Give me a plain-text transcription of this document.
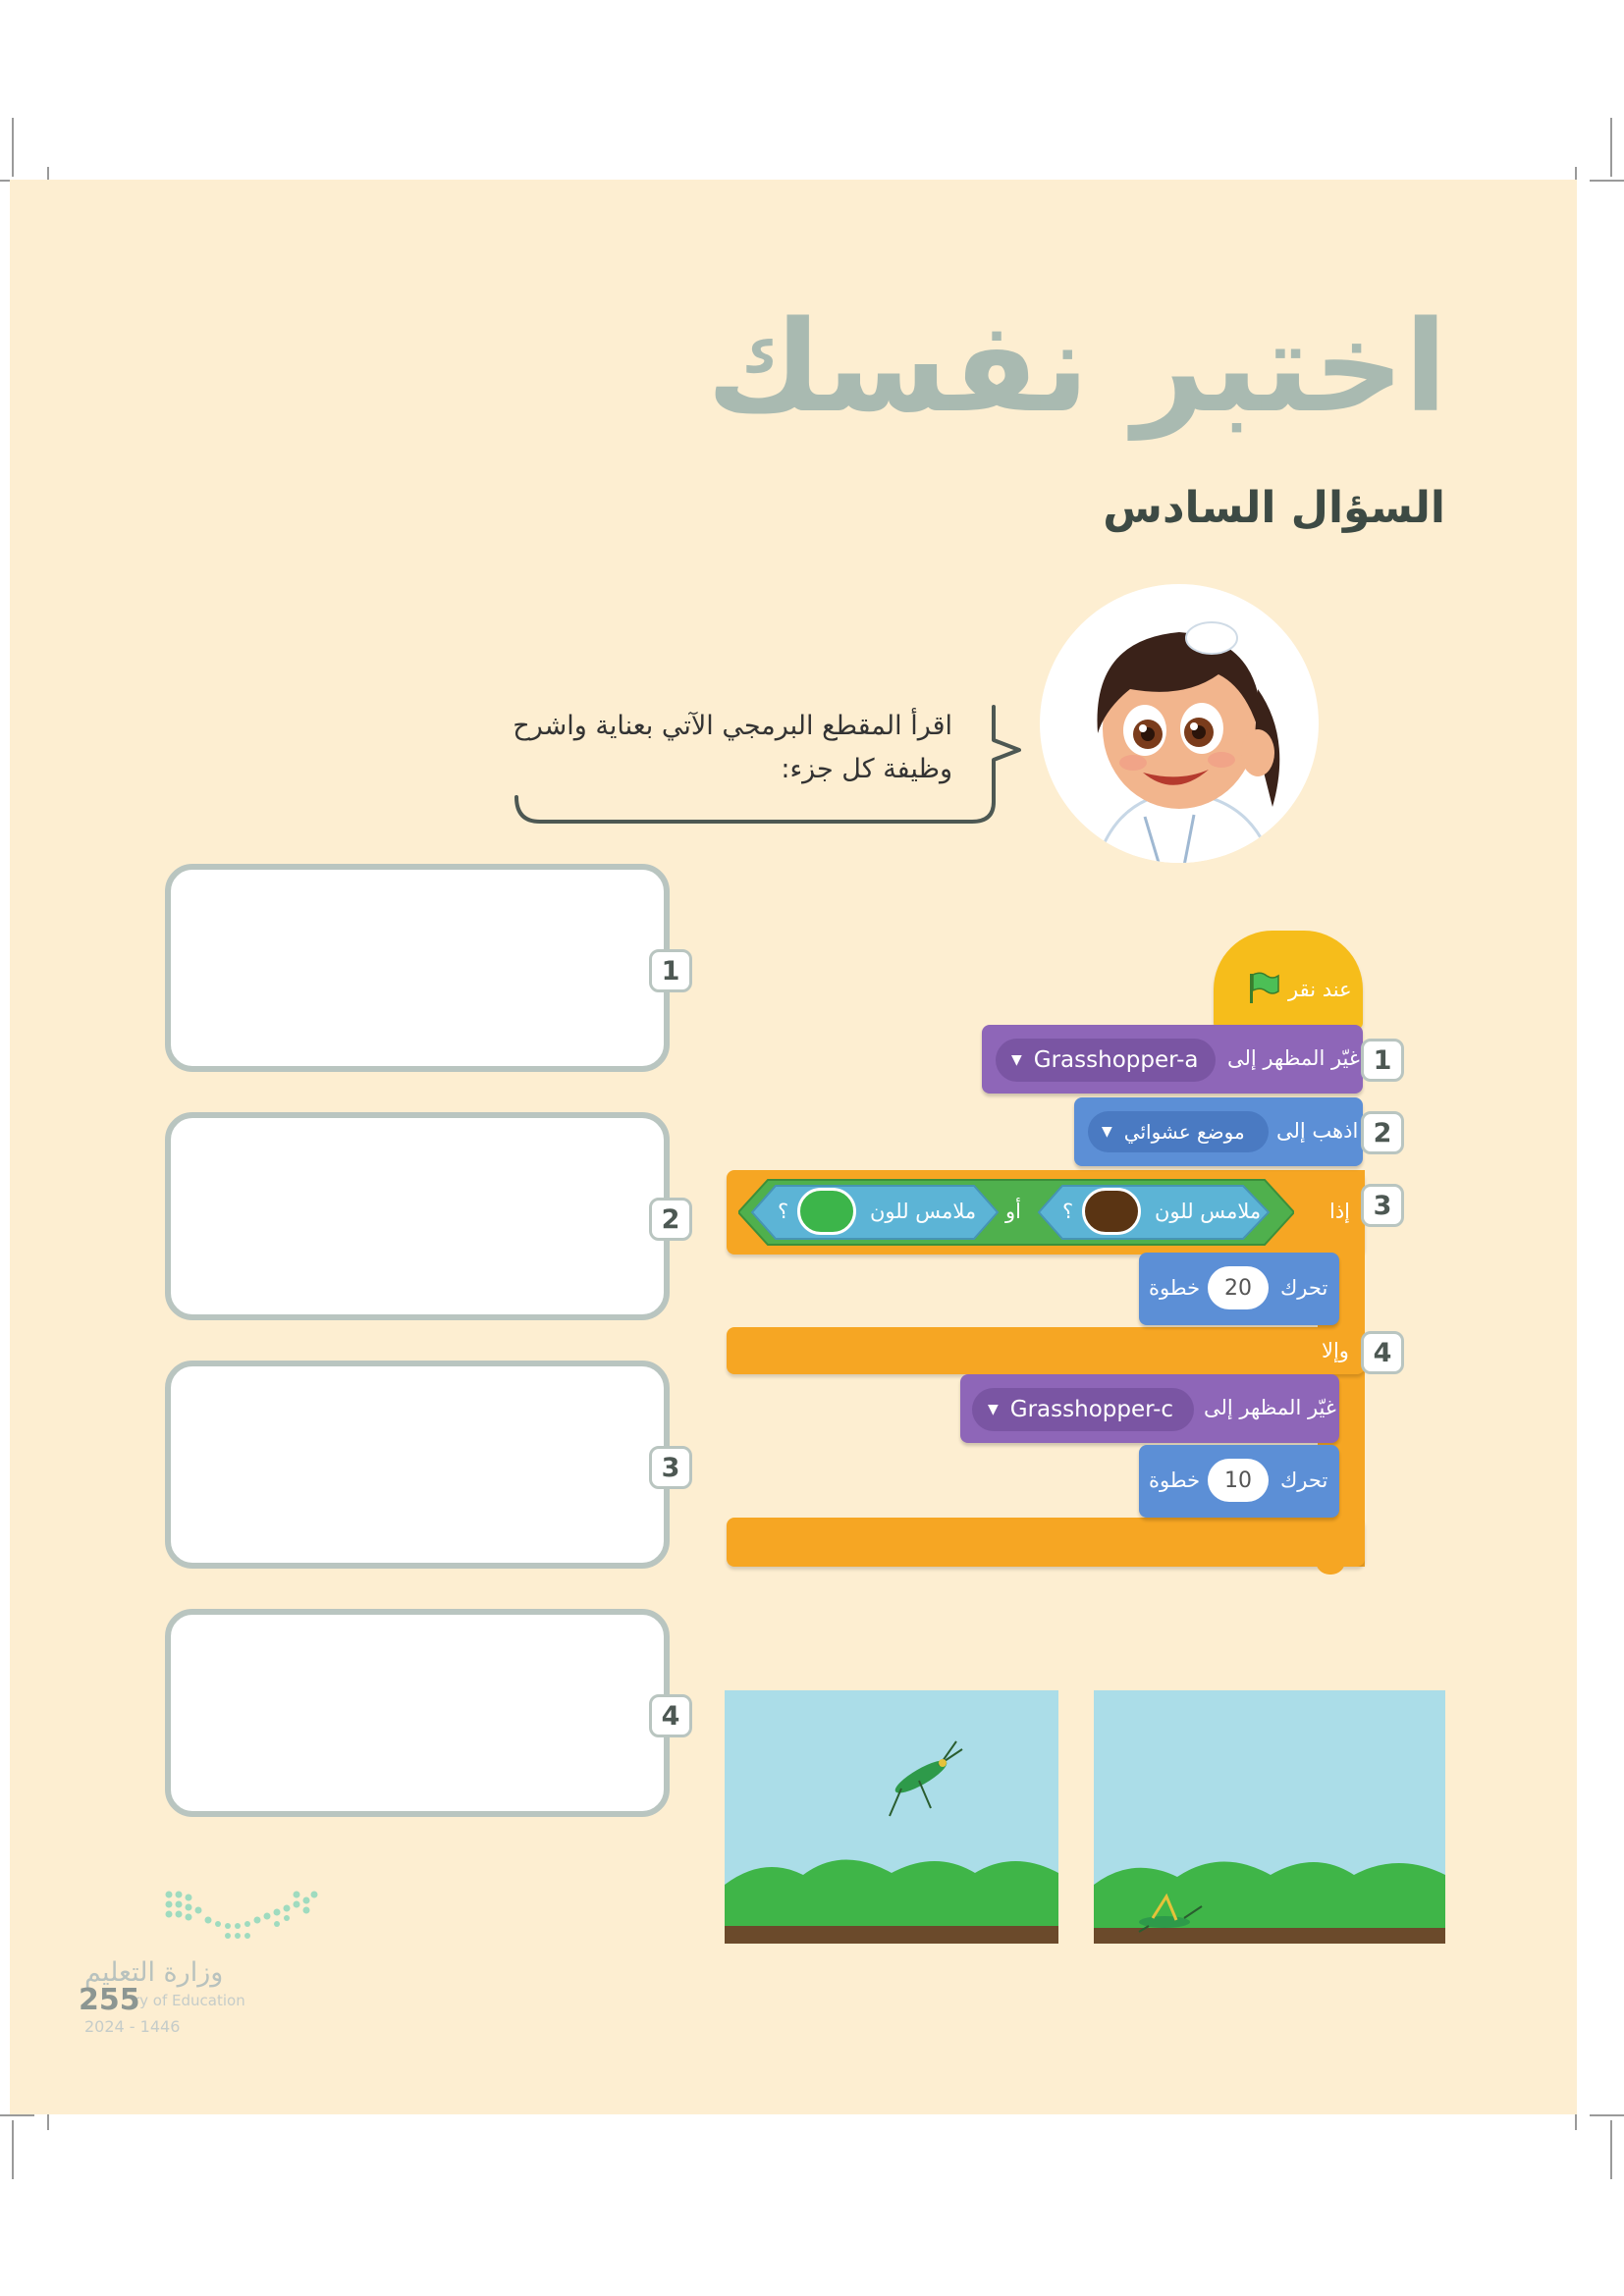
اختبر نفسك
السؤال السادس
اقرأ المقطع البرمجي الآتي بعناية واشرح
وظيفة كل جزء:
1
2
3
4
عند نقر
غيّر المظهر إلى
▼ Grasshopper-a
اذهب إلى
▼ موضع عشوائي
إذا
ملامس للون
؟
أو
ملامس للون
؟
تحرك
20
خطوة
وإلا
غيّر المظهر إلى
▼ Grasshopper-c
تحرك
10
خطوة
1
2
3
4
وزارة التعليم
ry of Education
2024 - 1446
255
